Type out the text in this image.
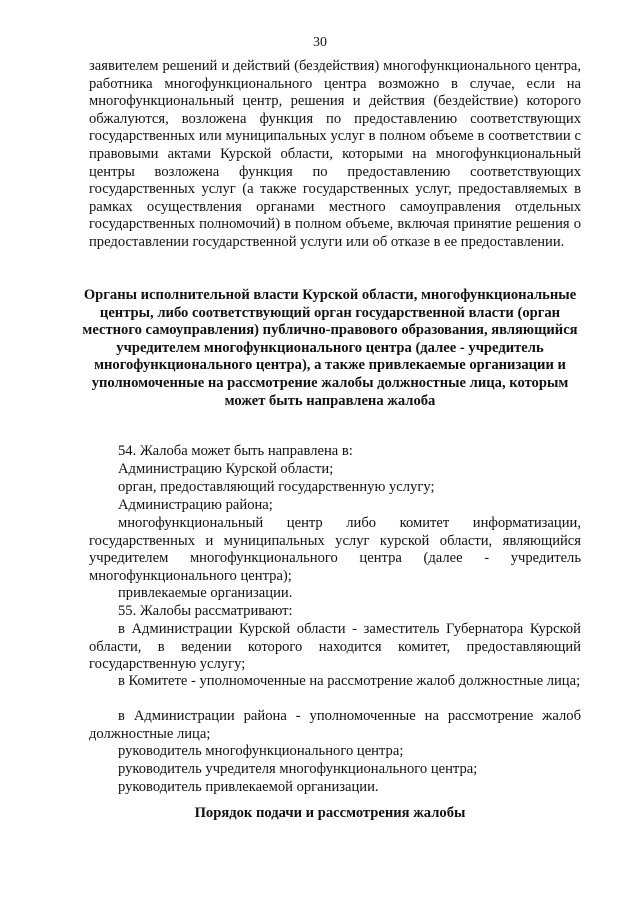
30
заявителем решений и действий (бездействия) многофункционального центра, работника многофункционального центра возможно в случае, если на многофункциональный центр, решения и действия (бездействие) которого обжалуются, возложена функция по предоставлению соответствующих государственных или муниципальных услуг в полном объеме в соответствии с правовыми актами Курской области, которыми на многофункциональный центры возложена функция по предоставлению соответствующих государственных услуг (а также государственных услуг, предоставляемых в рамках осуществления органами местного самоуправления отдельных государственных полномочий) в полном объеме, включая принятие решения о предоставлении государственной услуги или об отказе в ее предоставлении.
Органы исполнительной власти Курской области, многофункциональные центры, либо соответствующий орган государственной власти (орган местного самоуправления) публично-правового образования, являющийся учредителем многофункционального центра (далее - учредитель многофункционального центра), а также привлекаемые организации и уполномоченные на рассмотрение жалобы должностные лица, которым может быть направлена жалоба
54. Жалоба может быть направлена в:
Администрацию Курской области;
орган, предоставляющий государственную услугу;
Администрацию района;
многофункциональный центр либо комитет информатизации, государственных и муниципальных услуг курской области, являющийся учредителем многофункционального центра (далее - учредитель многофункционального центра);
привлекаемые организации.
55. Жалобы рассматривают:
в Администрации Курской области - заместитель Губернатора Курской области, в ведении которого находится комитет, предоставляющий государственную услугу;
в Комитете - уполномоченные на рассмотрение жалоб должностные лица;
в Администрации района - уполномоченные на рассмотрение жалоб должностные лица;
руководитель многофункционального центра;
руководитель учредителя многофункционального центра;
руководитель привлекаемой организации.
Порядок подачи и рассмотрения жалобы
